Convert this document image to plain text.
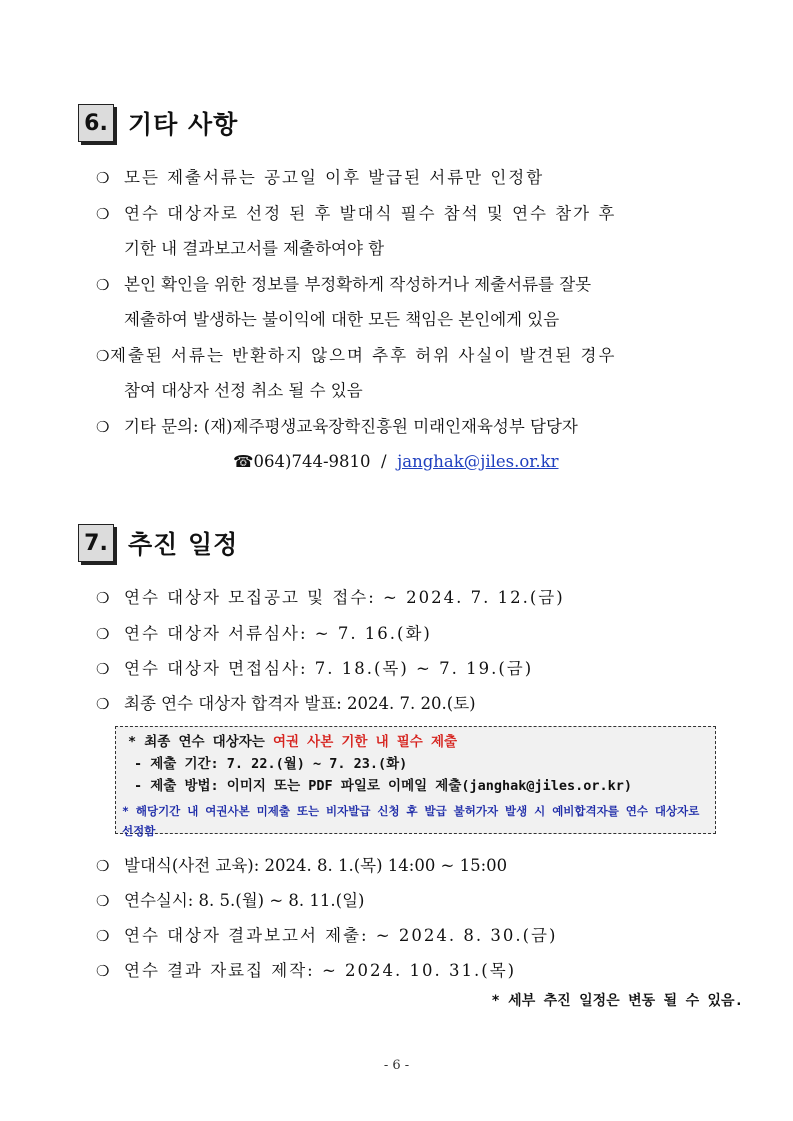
6. 기타 사항
❍ 모든 제출서류는 공고일 이후 발급된 서류만 인정함
❍ 연수 대상자로 선정 된 후 발대식 필수 참석 및 연수 참가 후
기한 내 결과보고서를 제출하여야 함
❍ 본인 확인을 위한 정보를 부정확하게 작성하거나 제출서류를 잘못
제출하여 발생하는 불이익에 대한 모든 책임은 본인에게 있음
❍제출된 서류는 반환하지 않으며 추후 허위 사실이 발견된 경우
참여 대상자 선정 취소 될 수 있음
❍ 기타 문의: (재)제주평생교육장학진흥원 미래인재육성부 담당자
☎064)744-9810 / janghak@jiles.or.kr
7. 추진 일정
❍ 연수 대상자 모집공고 및 접수: ~ 2024. 7. 12.(금)
❍ 연수 대상자 서류심사: ~ 7. 16.(화)
❍ 연수 대상자 면접심사: 7. 18.(목) ~ 7. 19.(금)
❍ 최종 연수 대상자 합격자 발표: 2024. 7. 20.(토)
* 최종 연수 대상자는 여권 사본 기한 내 필수 제출
- 제출 기간: 7. 22.(월) ~ 7. 23.(화)
- 제출 방법: 이미지 또는 PDF 파일로 이메일 제출(janghak@jiles.or.kr)
* 해당기간 내 여권사본 미제출 또는 비자발급 신청 후 발급 불허가자 발생 시 예비합격자를 연수 대상자로 선정함
❍ 발대식(사전 교육): 2024. 8. 1.(목) 14:00 ~ 15:00
❍ 연수실시: 8. 5.(월) ~ 8. 11.(일)
❍ 연수 대상자 결과보고서 제출: ~ 2024. 8. 30.(금)
❍ 연수 결과 자료집 제작: ~ 2024. 10. 31.(목)
* 세부 추진 일정은 변동 될 수 있음.
- 6 -
